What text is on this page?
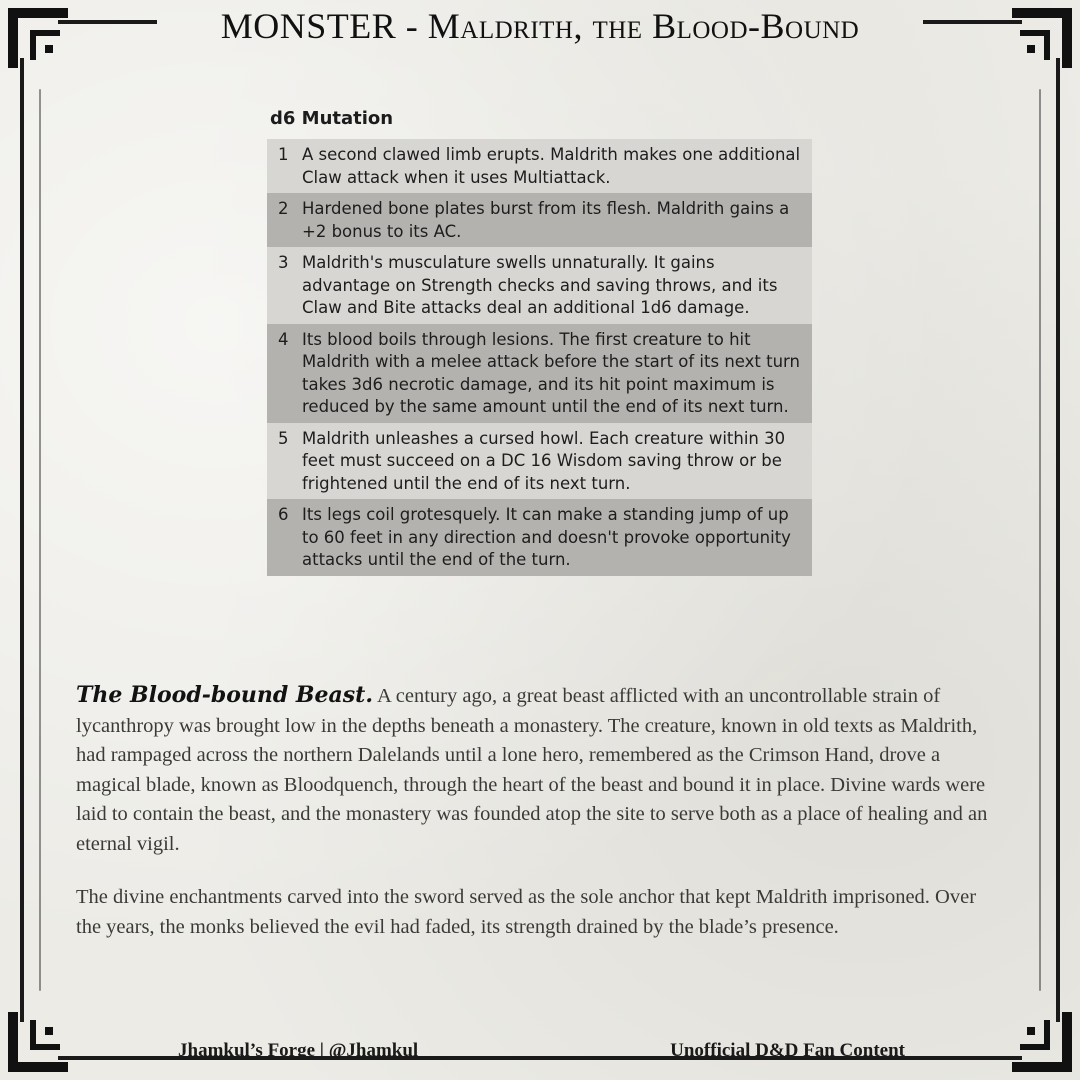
MONSTER - Maldrith, the Blood-Bound
d6 Mutation
1 A second clawed limb erupts. Maldrith makes one additional Claw attack when it uses Multiattack.
2 Hardened bone plates burst from its flesh. Maldrith gains a +2 bonus to its AC.
3 Maldrith's musculature swells unnaturally. It gains advantage on Strength checks and saving throws, and its Claw and Bite attacks deal an additional 1d6 damage.
4 Its blood boils through lesions. The first creature to hit Maldrith with a melee attack before the start of its next turn takes 3d6 necrotic damage, and its hit point maximum is reduced by the same amount until the end of its next turn.
5 Maldrith unleashes a cursed howl. Each creature within 30 feet must succeed on a DC 16 Wisdom saving throw or be frightened until the end of its next turn.
6 Its legs coil grotesquely. It can make a standing jump of up to 60 feet in any direction and doesn't provoke opportunity attacks until the end of the turn.
The Blood-bound Beast. A century ago, a great beast afflicted with an uncontrollable strain of lycanthropy was brought low in the depths beneath a monastery. The creature, known in old texts as Maldrith, had rampaged across the northern Dalelands until a lone hero, remembered as the Crimson Hand, drove a magical blade, known as Bloodquench, through the heart of the beast and bound it in place. Divine wards were laid to contain the beast, and the monastery was founded atop the site to serve both as a place of healing and an eternal vigil.
The divine enchantments carved into the sword served as the sole anchor that kept Maldrith imprisoned. Over the years, the monks believed the evil had faded, its strength drained by the blade’s presence.
Jhamkul’s Forge | @Jhamkul	Unofficial D&D Fan Content
